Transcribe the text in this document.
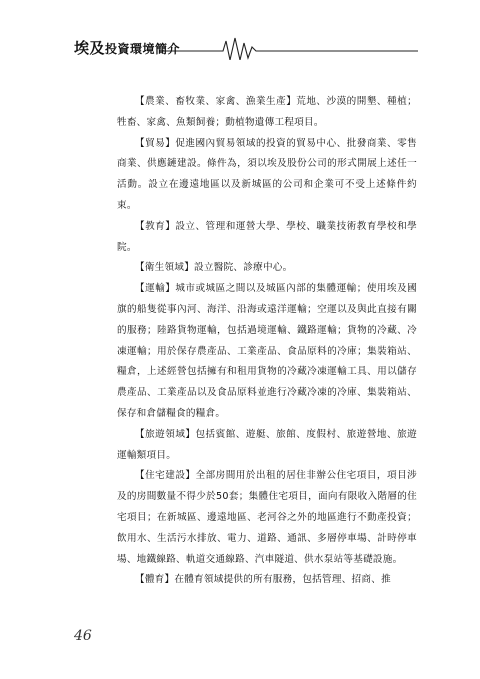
埃及投資環境簡介

【農業、畜牧業、家禽、漁業生產】荒地、沙漠的開墾、種植；牲畜、家禽、魚類飼養；動植物遺傳工程項目。

【貿易】促進國內貿易領域的投資的貿易中心、批發商業、零售商業、供應鏈建設。條件為，須以埃及股份公司的形式開展上述任一活動。設立在邊遠地區以及新城區的公司和企業可不受上述條件約束。

【教育】設立、管理和運營大學、學校、職業技術教育學校和學院。

【衛生領域】設立醫院、診療中心。

【運輸】城市或城區之間以及城區內部的集體運輸；使用埃及國旗的船隻從事內河、海洋、沿海或遠洋運輸；空運以及與此直接有關的服務；陸路貨物運輸，包括過境運輸、鐵路運輸；貨物的冷藏、冷凍運輸；用於保存農產品、工業產品、食品原料的冷庫；集裝箱站、糧倉，上述經營包括擁有和租用貨物的冷藏冷凍運輸工具、用以儲存農產品、工業產品以及食品原料並進行冷藏冷凍的冷庫、集裝箱站、保存和倉儲糧食的糧倉。

【旅遊領域】包括賓館、遊艇、旅館、度假村、旅遊營地、旅遊運輸類項目。

【住宅建設】全部房間用於出租的居住非辦公住宅項目，項目涉及的房間數量不得少於50套；集體住宅項目，面向有限收入階層的住宅項目；在新城區、邊遠地區、老河谷之外的地區進行不動產投資；飲用水、生活污水排放、電力、道路、通訊、多層停車場、計時停車場、地鐵線路、軌道交通線路、汽車隧道、供水泵站等基礎設施。

【體育】在體育領域提供的所有服務，包括管理、招商、推

46
